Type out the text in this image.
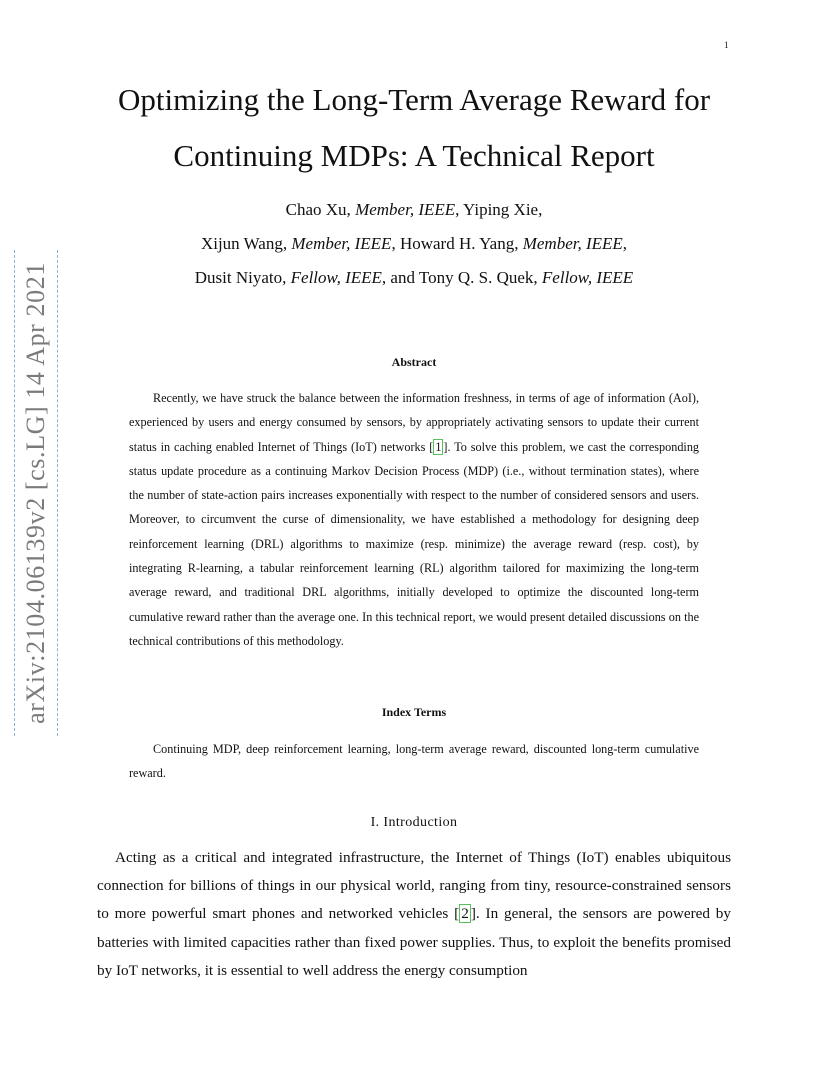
1
arXiv:2104.06139v2 [cs.LG] 14 Apr 2021
Optimizing the Long-Term Average Reward for
Continuing MDPs: A Technical Report
Chao Xu, Member, IEEE, Yiping Xie,
Xijun Wang, Member, IEEE, Howard H. Yang, Member, IEEE,
Dusit Niyato, Fellow, IEEE, and Tony Q. S. Quek, Fellow, IEEE
Abstract

Recently, we have struck the balance between the information freshness, in terms of age of information (AoI), experienced by users and energy consumed by sensors, by appropriately activating sensors to update their current status in caching enabled Internet of Things (IoT) networks [ 1 ]. To solve this problem, we cast the corresponding status update procedure as a continuing Markov Decision Process (MDP) (i.e., without termination states), where the number of state-action pairs increases exponentially with respect to the number of considered sensors and users. Moreover, to circumvent the curse of dimensionality, we have established a methodology for designing deep reinforcement learning (DRL) algorithms to maximize (resp. minimize) the average reward (resp. cost), by integrating R-learning, a tabular reinforcement learning (RL) algorithm tailored for maximizing the long-term average reward, and traditional DRL algorithms, initially developed to optimize the discounted long-term cumulative reward rather than the average one. In this technical report, we would present detailed discussions on the technical contributions of this methodology.

Index Terms

Continuing MDP, deep reinforcement learning, long-term average reward, discounted long-term cumulative reward.

I. Introduction

Acting as a critical and integrated infrastructure, the Internet of Things (IoT) enables ubiquitous connection for billions of things in our physical world, ranging from tiny, resource-constrained sensors to more powerful smart phones and networked vehicles [ 2 ]. In general, the sensors are powered by batteries with limited capacities rather than fixed power supplies. Thus, to exploit the benefits promised by IoT networks, it is essential to well address the energy consumption
